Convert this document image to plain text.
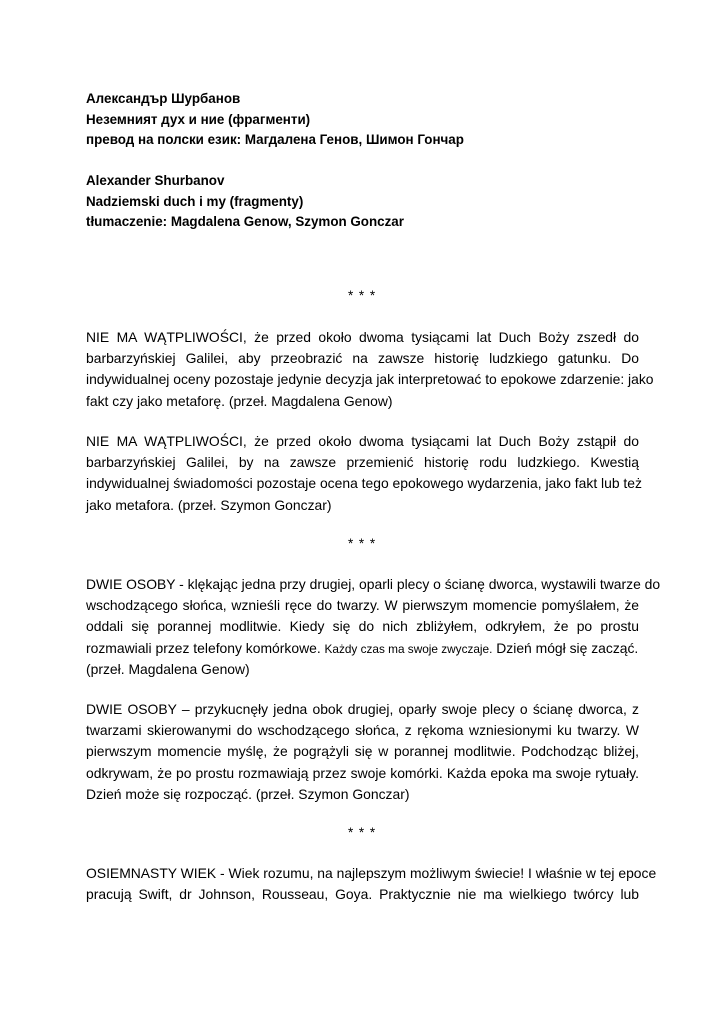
Александър Шурбанов
Неземният дух и ние (фрагменти)
превод на полски език: Магдалена Генов, Шимон Гончар
Alexander Shurbanov
Nadziemski duch i my (fragmenty)
tłumaczenie: Magdalena Genow, Szymon Gonczar
* * *
NIE MA WĄTPLIWOŚCI, że przed około dwoma tysiącami lat Duch Boży zszedł do
barbarzyńskiej Galilei, aby przeobrazić na zawsze historię ludzkiego gatunku. Do
indywidualnej oceny pozostaje jedynie decyzja jak interpretować to epokowe zdarzenie: jako
fakt czy jako metaforę. (przeł. Magdalena Genow)
NIE MA WĄTPLIWOŚCI, że przed około dwoma tysiącami lat Duch Boży zstąpił do
barbarzyńskiej Galilei, by na zawsze przemienić historię rodu ludzkiego. Kwestią
indywidualnej świadomości pozostaje ocena tego epokowego wydarzenia, jako fakt lub też
jako metafora. (przeł. Szymon Gonczar)
* * *
DWIE OSOBY - klękając jedna przy drugiej, oparli plecy o ścianę dworca, wystawili twarze do
wschodzącego słońca, wznieśli ręce do twarzy. W pierwszym momencie pomyślałem, że
oddali się porannej modlitwie. Kiedy się do nich zbliżyłem, odkryłem, że po prostu
rozmawiali przez telefony komórkowe. Każdy czas ma swoje zwyczaje. Dzień mógł się zacząć.
(przeł. Magdalena Genow)
DWIE OSOBY – przykucnęły jedna obok drugiej, oparły swoje plecy o ścianę dworca, z
twarzami skierowanymi do wschodzącego słońca, z rękoma wzniesionymi ku twarzy. W
pierwszym momencie myślę, że pogrążyli się w porannej modlitwie. Podchodząc bliżej,
odkrywam, że po prostu rozmawiają przez swoje komórki. Każda epoka ma swoje rytuały.
Dzień może się rozpocząć. (przeł. Szymon Gonczar)
* * *
OSIEMNASTY WIEK - Wiek rozumu, na najlepszym możliwym świecie! I właśnie w tej epoce
pracują Swift, dr Johnson, Rousseau, Goya. Praktycznie nie ma wielkiego twórcy lub
